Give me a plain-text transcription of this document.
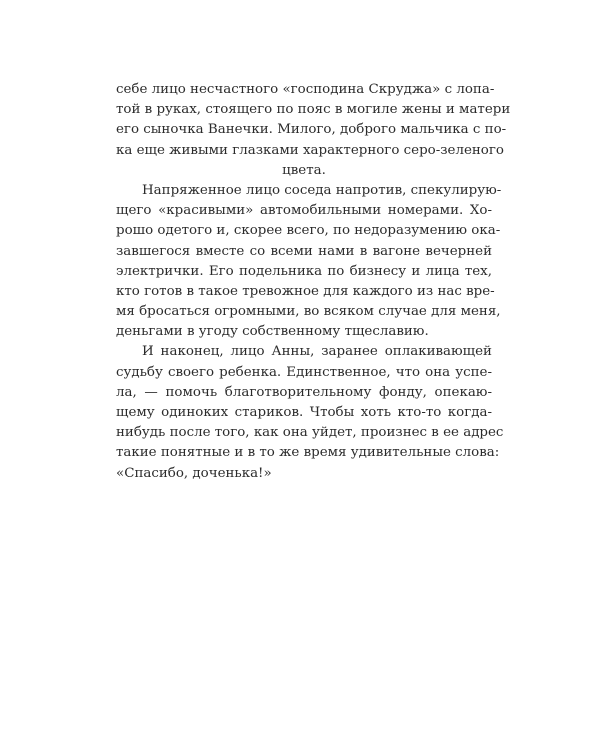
себе лицо несчастного «господина Скруджа» с лопа-
той в руках, стоящего по пояс в могиле жены и матери
его сыночка Ванечки. Милого, доброго мальчика с по-
ка еще живыми глазками характерного серо-зеленого
цвета.
Напряженное лицо соседа напротив, спекулирую-
щего «красивыми» автомобильными номерами. Хо-
рошо одетого и, скорее всего, по недоразумению ока-
завшегося вместе со всеми нами в вагоне вечерней
электрички. Его подельника по бизнесу и лица тех,
кто готов в такое тревожное для каждого из нас вре-
мя бросаться огромными, во всяком случае для меня,
деньгами в угоду собственному тщеславию.
И наконец, лицо Анны, заранее оплакивающей
судьбу своего ребенка. Единственное, что она успе-
ла, — помочь благотворительному фонду, опекаю-
щему одиноких стариков. Чтобы хоть кто-то когда-
нибудь после того, как она уйдет, произнес в ее адрес
такие понятные и в то же время удивительные слова:
«Спасибо, доченька!»
